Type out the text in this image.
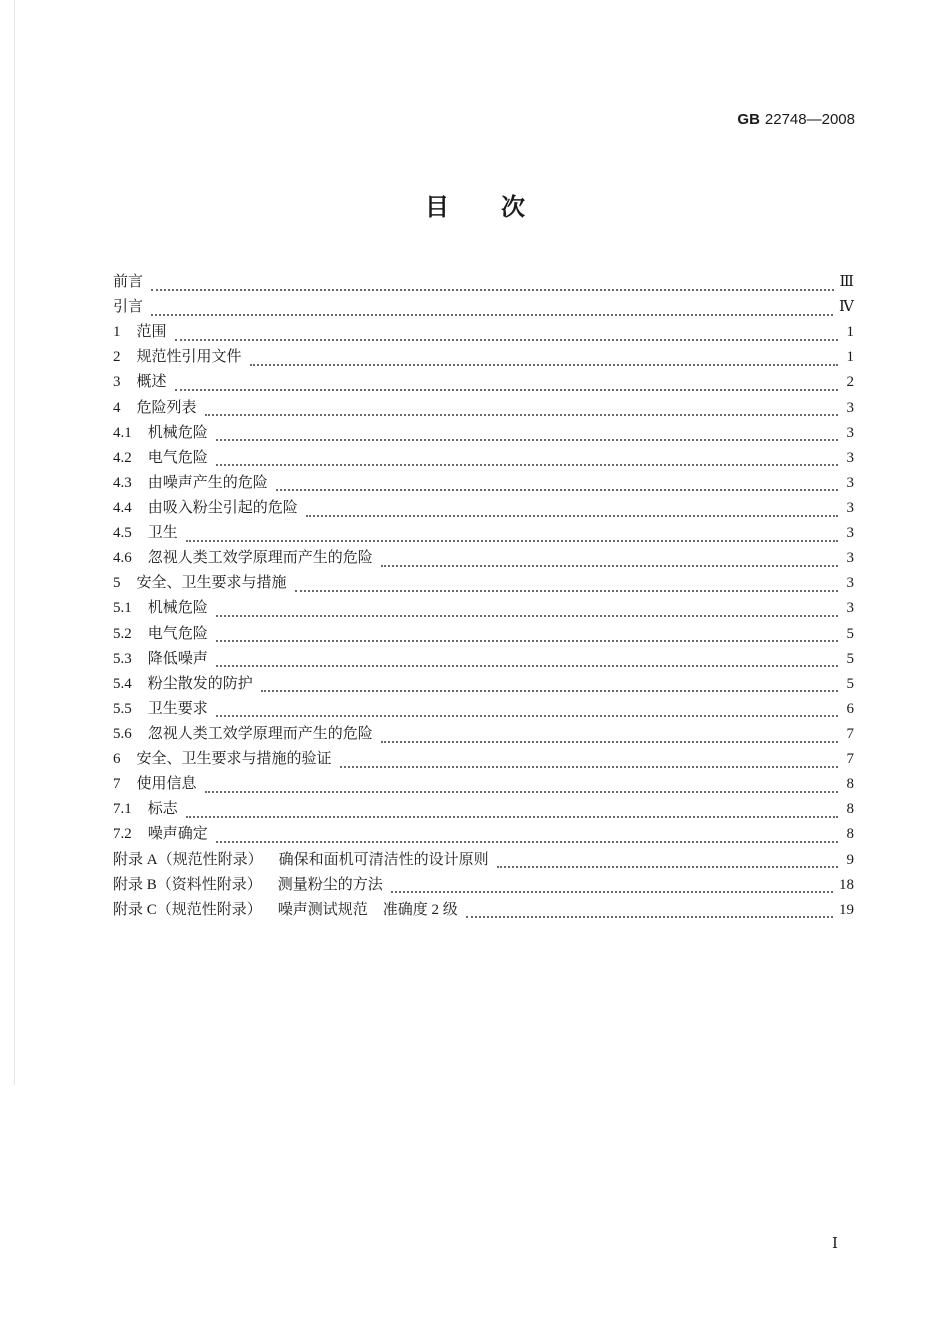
GB 22748—2008
目 次
前言	Ⅲ
引言	Ⅳ
1 范围	1
2 规范性引用文件	1
3 概述	2
4 危险列表	3
4.1 机械危险	3
4.2 电气危险	3
4.3 由噪声产生的危险	3
4.4 由吸入粉尘引起的危险	3
4.5 卫生	3
4.6 忽视人类工效学原理而产生的危险	3
5 安全、卫生要求与措施	3
5.1 机械危险	3
5.2 电气危险	5
5.3 降低噪声	5
5.4 粉尘散发的防护	5
5.5 卫生要求	6
5.6 忽视人类工效学原理而产生的危险	7
6 安全、卫生要求与措施的验证	7
7 使用信息	8
7.1 标志	8
7.2 噪声确定	8
附录 A（规范性附录） 确保和面机可清洁性的设计原则	9
附录 B（资料性附录） 测量粉尘的方法	18
附录 C（规范性附录） 噪声测试规范　准确度 2 级	19
Ⅰ
